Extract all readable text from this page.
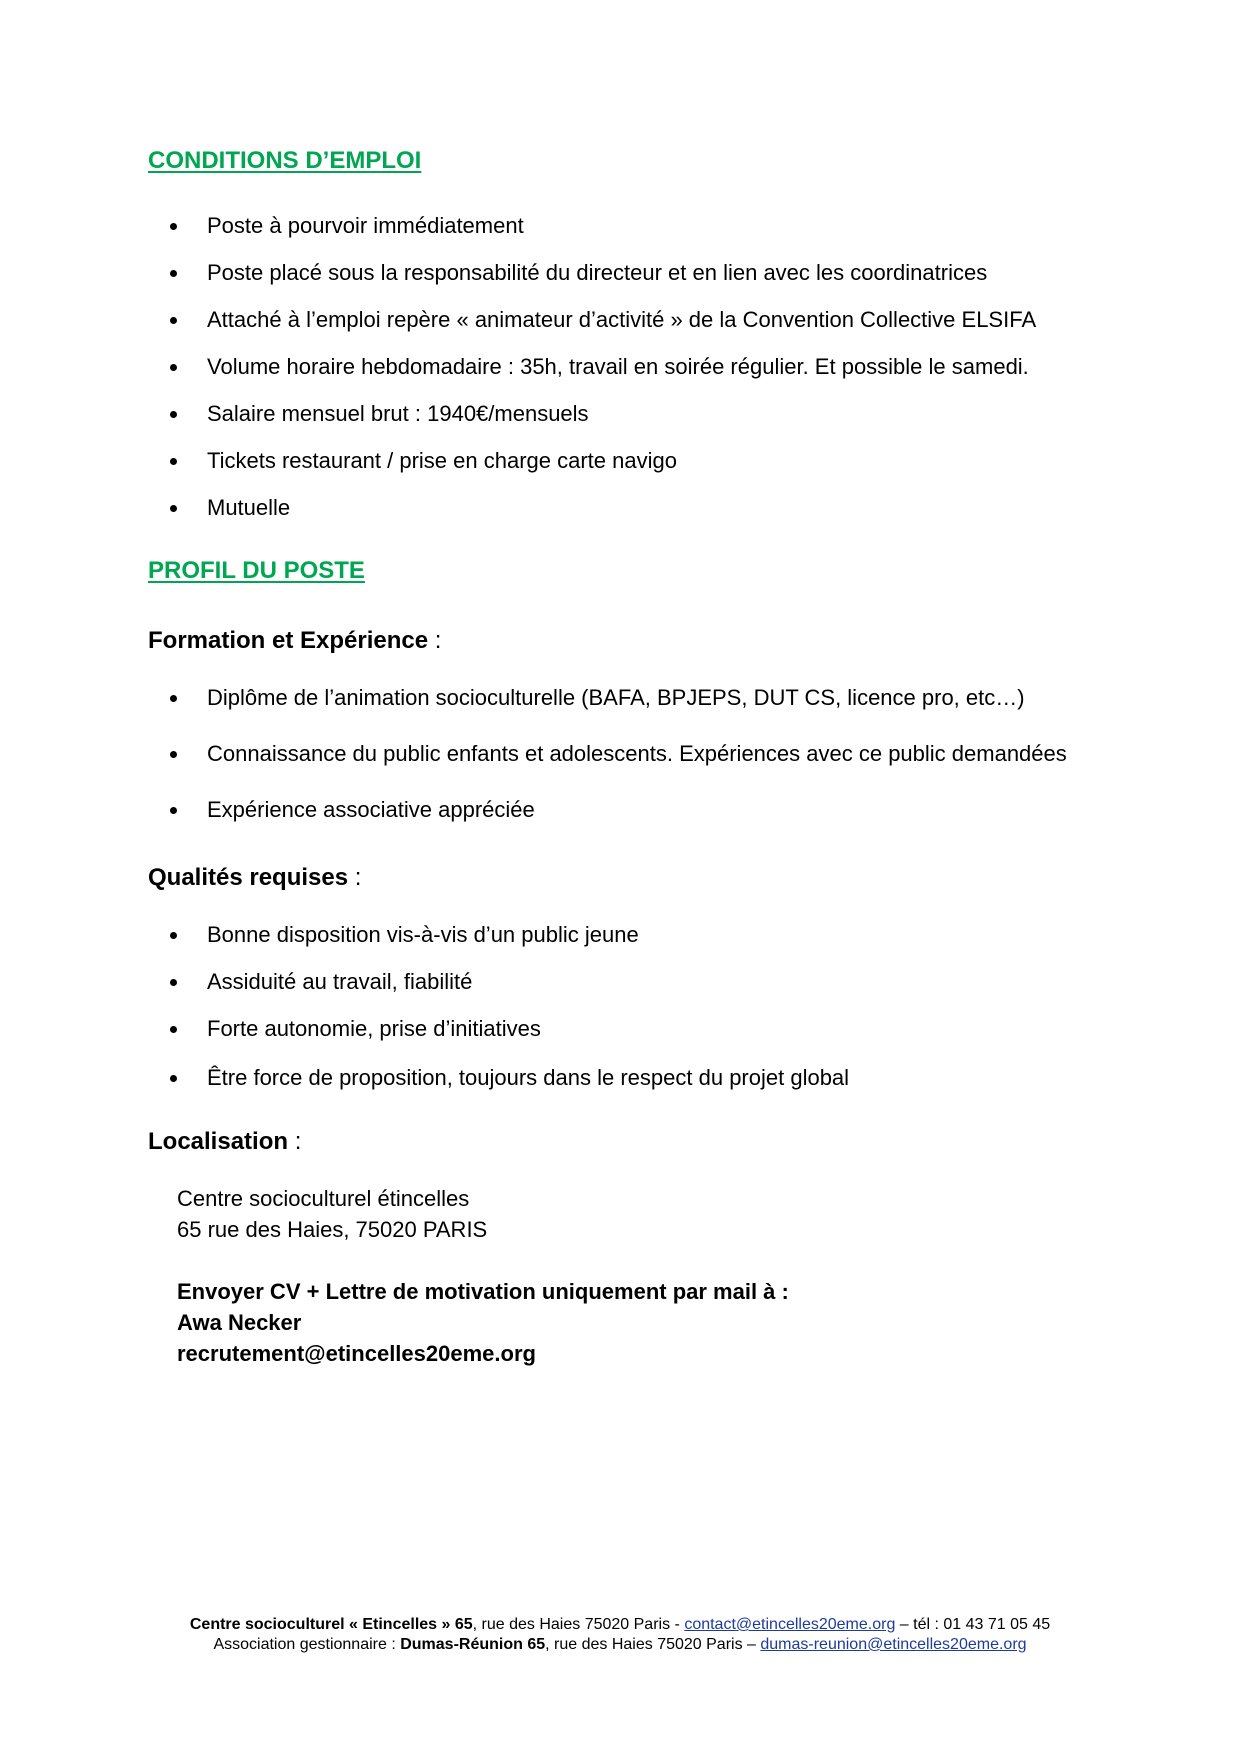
CONDITIONS D’EMPLOI
Poste à pourvoir immédiatement
Poste placé sous la responsabilité du directeur et en lien avec les coordinatrices
Attaché à l’emploi repère « animateur d’activité » de la Convention Collective ELSIFA
Volume horaire hebdomadaire : 35h, travail en soirée régulier. Et possible le samedi.
Salaire mensuel brut : 1940€/mensuels
Tickets restaurant / prise en charge carte navigo
Mutuelle
PROFIL DU POSTE

Formation et Expérience :

Diplôme de l’animation socioculturelle (BAFA, BPJEPS, DUT CS, licence pro, etc…)
Connaissance du public enfants et adolescents. Expériences avec ce public demandées
Expérience associative appréciée

Qualités requises :

Bonne disposition vis-à-vis d’un public jeune
Assiduité au travail, fiabilité
Forte autonomie, prise d’initiatives
Être force de proposition, toujours dans le respect du projet global

Localisation :

Centre socioculturel étincelles
65 rue des Haies, 75020 PARIS
Envoyer CV + Lettre de motivation uniquement par mail à :
Awa Necker
recrutement@etincelles20eme.org
Centre socioculturel « Etincelles » 65, rue des Haies 75020 Paris - contact@etincelles20eme.org – tél : 01 43 71 05 45
Association gestionnaire : Dumas-Réunion 65, rue des Haies 75020 Paris – dumas-reunion@etincelles20eme.org
